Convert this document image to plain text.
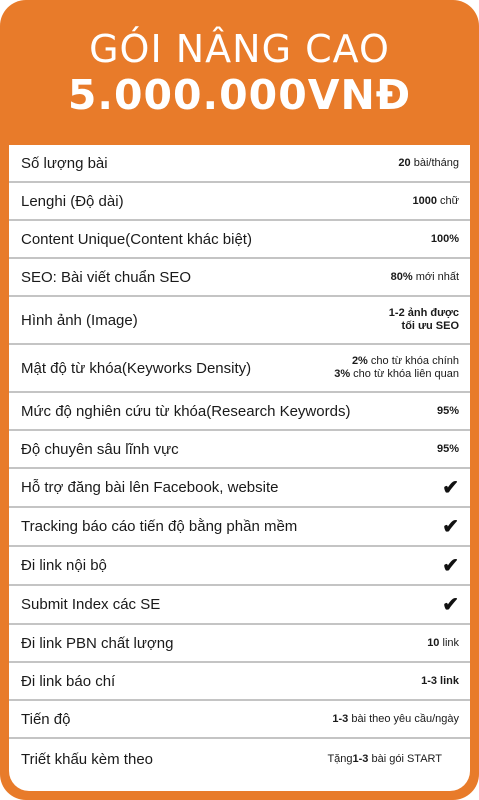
GÓI NÂNG CAO
5.000.000VNĐ
Số lượng bài	20 bài/tháng
Lenghi (Độ dài)	1000 chữ
Content Unique(Content khác biệt)	100%
SEO: Bài viết chuẩn SEO	80% mới nhất
Hình ảnh (Image)	1-2 ảnh được
tối ưu SEO
Mật độ từ khóa(Keyworks Density)	2% cho từ khóa chính
3% cho từ khóa liên quan
Mức độ nghiên cứu từ khóa(Research Keywords)	95%
Độ chuyên sâu lĩnh vực	95%
Hỗ trợ đăng bài lên Facebook, website	✔
Tracking báo cáo tiến độ bằng phần mềm	✔
Đi link nội bộ	✔
Submit Index các SE	✔
Đi link PBN chất lượng	10 link
Đi link báo chí	1-3 link
Tiến độ	1-3 bài theo yêu cầu/ngày
Triết khấu kèm theo	Tặng1-3 bài gói START
